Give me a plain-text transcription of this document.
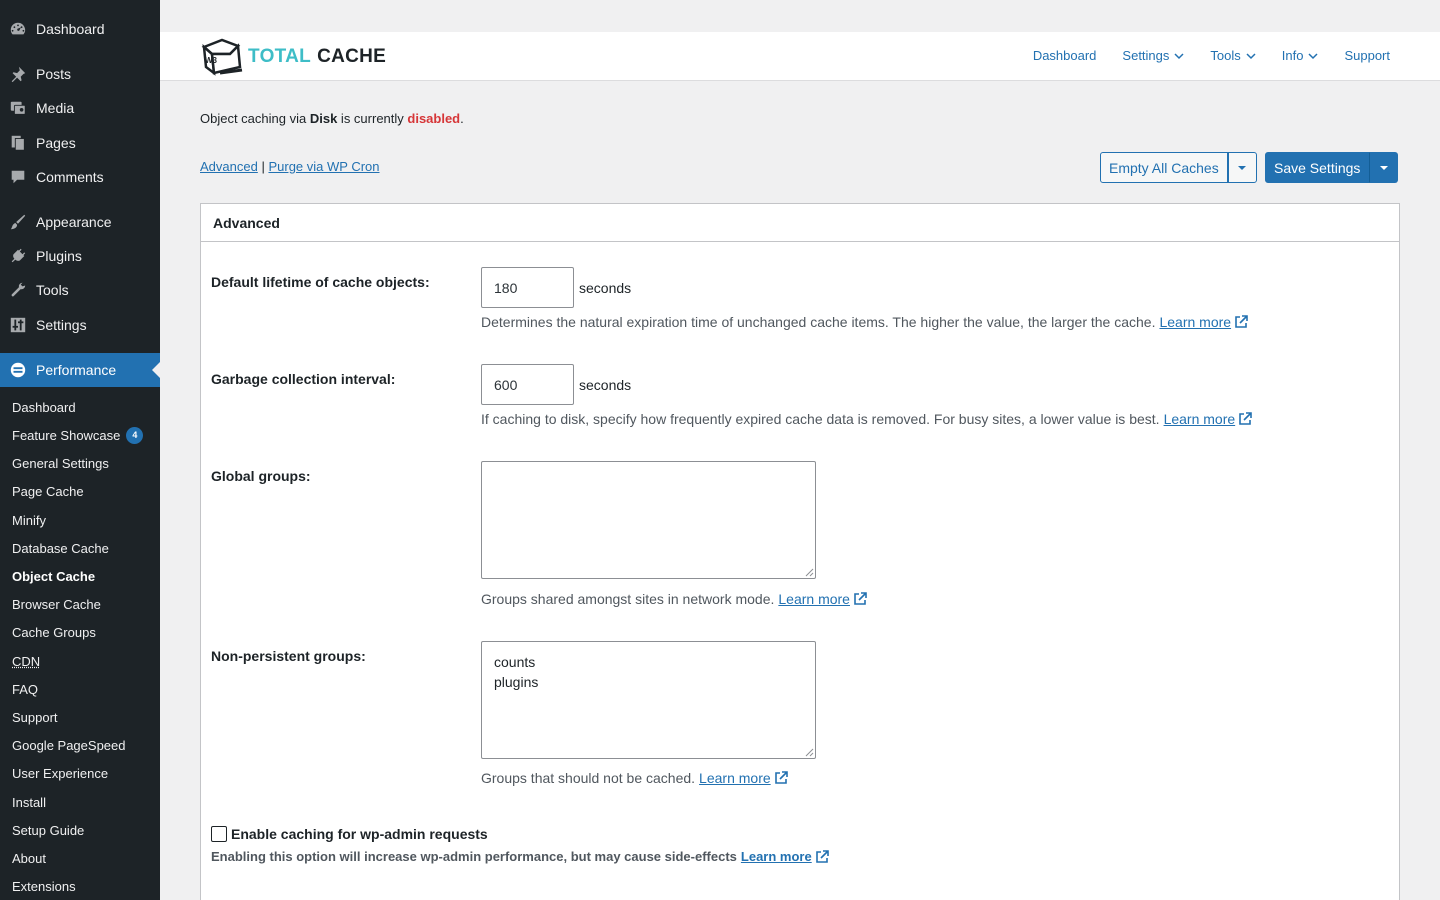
Dashboard
Posts
Media
Pages
Comments
Appearance
Plugins
Tools
Settings
Performance
Dashboard
Feature Showcase	4
General Settings
Page Cache
Minify
Database Cache
Object Cache
Browser Cache
Cache Groups
CDN
FAQ
Support
Google PageSpeed
User Experience
Install
Setup Guide
About
Extensions
W3 TOTAL CACHE	Dashboard Settings	Tools	Info	Support
Object caching via Disk is currently disabled.
Advanced | Purge via WP Cron	Empty All Caches	Save Settings
Advanced
Default lifetime of cache objects:	180	seconds
Determines the natural expiration time of unchanged cache items. The higher the value, the larger the cache. Learn more
Garbage collection interval:	600	seconds
If caching to disk, specify how frequently expired cache data is removed. For busy sites, a lower value is best. Learn more
Global groups:
Groups shared amongst sites in network mode. Learn more
Non-persistent groups:	counts
plugins
Groups that should not be cached. Learn more
Enable caching for wp-admin requests
Enabling this option will increase wp-admin performance, but may cause side-effects Learn more
